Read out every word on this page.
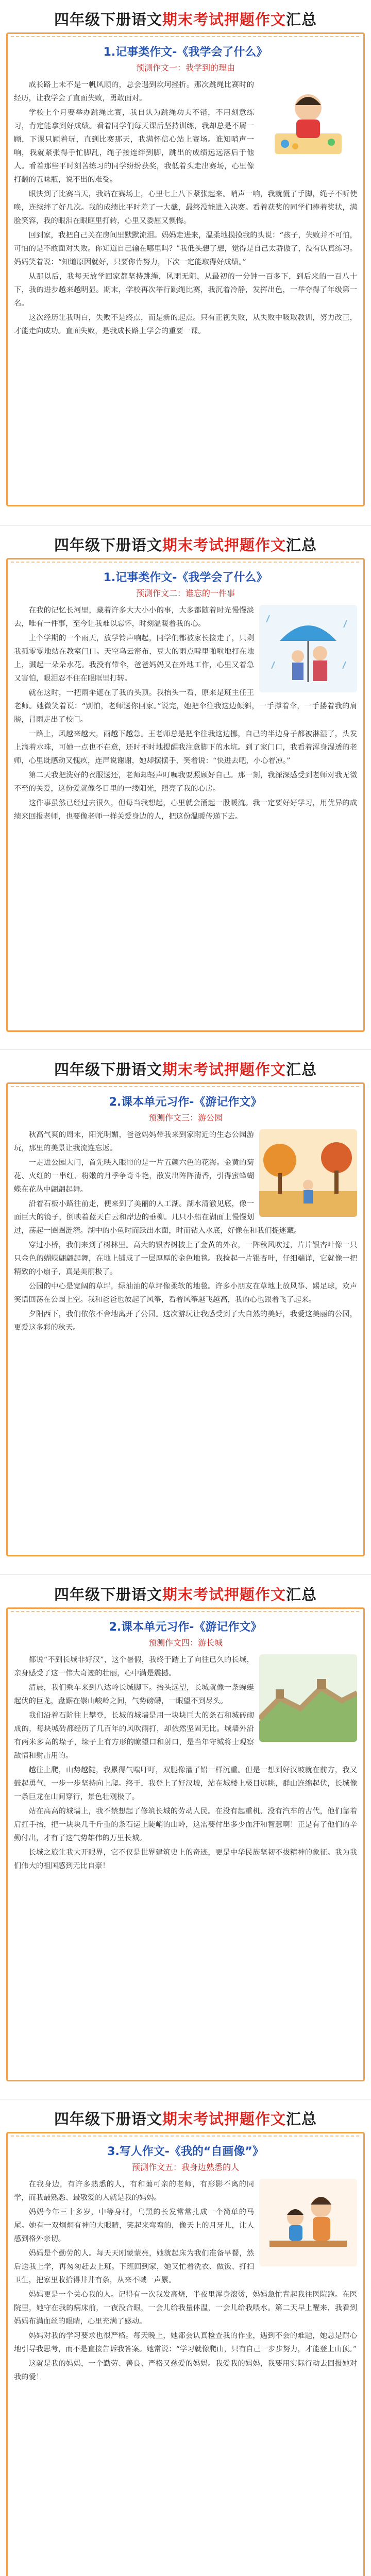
四年级下册语文期末考试押题作文汇总
1.记事类作文-《我学会了什么》
预测作文一：我学到的理由

成长路上未不是一帆风顺的，总会遇到坎坷挫折。那次跳绳比赛时的经历，让我学会了直面失败，勇敢面对。

学校上个月要举办跳绳比赛，我自认为跳绳功夫不错，不用刻意练习，肯定能拿到好成绩。看着同学们每天课后坚持训练，我却总是不屑一顾，下课只顾着玩，直到比赛那天，我满怀信心站上赛场。谁知哨声一响，我就紧张得手忙脚乱，绳子接连绊到脚，跳出的成绩远远落后于他人。看着那些平时刻苦练习的同学纷纷获奖，我低着头走出赛场，心里像打翻的五味瓶，说不出的难受。

眼快到了比赛当天，我站在赛场上，心里七上八下紧张起来。哨声一响，我就慌了手脚，绳子不听使唤，连续绊了好几次。我的成绩比平时差了一大截，最终没能进入决赛。看着获奖的同学们捧着奖状，满脸笑容，我的眼泪在眼眶里打转，心里又委屈又懊悔。

回到家，我把自己关在房间里默默流泪。妈妈走进来，温柔地摸摸我的头说：“孩子，失败并不可怕，可怕的是不敢面对失败。你知道自己输在哪里吗？”我低头想了想，觉得是自己太骄傲了，没有认真练习。妈妈笑着说：“知道原因就好，只要你肯努力，下次一定能取得好成绩。”

从那以后，我每天放学回家都坚持跳绳，风雨无阻，从最初的一分钟一百多下，到后来的一百八十下，我的进步越来越明显。期末，学校再次举行跳绳比赛，我沉着冷静，发挥出色，一举夺得了年级第一名。

这次经历让我明白，失败不是终点，而是新的起点。只有正视失败，从失败中吸取教训，努力改正，才能走向成功。直面失败，是我成长路上学会的重要一课。

四年级下册语文期末考试押题作文汇总
1.记事类作文-《我学会了什么》
预测作文二：谁忘的一件事

在我的记忆长河里，藏着许多大大小小的事，大多都随着时光慢慢淡去，唯有一件事，至今让我难以忘怀，时刻温暖着我的心。

上个学期的一个雨天，放学铃声响起，同学们都被家长接走了，只剩我孤零零地站在教室门口。天空乌云密布，豆大的雨点噼里啪啦地打在地上，溅起一朵朵水花。我没有带伞，爸爸妈妈又在外地工作，心里又着急又害怕，眼泪忍不住在眼眶里打转。

就在这时，一把雨伞遮在了我的头顶。我抬头一看，原来是班主任王老师。她微笑着说：“别怕，老师送你回家。”说完，她把伞往我这边倾斜，一手撑着伞，一手搂着我的肩膀，冒雨走出了校门。

一路上，风越来越大，雨越下越急。王老师总是把伞往我这边挪，自己的半边身子都被淋湿了，头发上滴着水珠，可她一点也不在意，还时不时地提醒我注意脚下的水坑。到了家门口，我看着浑身湿透的老师，心里既感动又愧疚，连声说谢谢，她却摆摆手，笑着说：“快进去吧，小心着凉。”

第二天我把洗好的衣服送还，老师却轻声叮嘱我要照顾好自己。那一刻，我深深感受到老师对我无微不至的关爱，这份爱就像冬日里的一缕阳光，照亮了我的心房。

这件事虽然已经过去很久，但每当我想起，心里就会涌起一股暖流。我一定要好好学习，用优异的成绩来回报老师，也要像老师一样关爱身边的人，把这份温暖传递下去。

四年级下册语文期末考试押题作文汇总
2.课本单元习作-《游记作文》
预测作文三：游公园

秋高气爽的周末，阳光明媚，爸爸妈妈带我来到家附近的生态公园游玩，那里的美景让我流连忘返。

一走进公园大门，首先映入眼帘的是一片五颜六色的花海。金黄的菊花、火红的一串红、粉嫩的月季争奇斗艳，散发出阵阵清香，引得蜜蜂蝴蝶在花丛中翩翩起舞。

沿着石板小路往前走，便来到了美丽的人工湖。湖水清澈见底，像一面巨大的镜子，倒映着蓝天白云和岸边的垂柳。几只小船在湖面上慢慢划过，荡起一圈圈涟漪。湖中的小鱼时而跃出水面，时而钻入水底，好像在和我们捉迷藏。

穿过小桥，我们来到了树林里。高大的银杏树披上了金黄的外衣，一阵秋风吹过，片片银杏叶像一只只金色的蝴蝶翩翩起舞，在地上铺成了一层厚厚的金色地毯。我捡起一片银杏叶，仔细端详，它就像一把精致的小扇子，真是美丽极了。

公园的中心是宽阔的草坪，绿油油的草坪像柔软的地毯。许多小朋友在草地上放风筝、踢足球，欢声笑语回荡在公园上空。我和爸爸也放起了风筝，看着风筝越飞越高，我的心也跟着飞了起来。

夕阳西下，我们依依不舍地离开了公园。这次游玩让我感受到了大自然的美好，我爱这美丽的公园，更爱这多彩的秋天。

四年级下册语文期末考试押题作文汇总
2.课本单元习作-《游记作文》
预测作文四：游长城

都说“不到长城非好汉”，这个暑假，我终于踏上了向往已久的长城，亲身感受了这一伟大奇迹的壮丽，心中满是震撼。

清晨，我们乘车来到八达岭长城脚下。抬头远望，长城就像一条蜿蜒起伏的巨龙，盘踞在崇山峻岭之间，气势磅礴，一眼望不到尽头。

我们沿着石阶往上攀登，长城的城墙是用一块块巨大的条石和城砖砌成的，每块城砖都经历了几百年的风吹雨打，却依然坚固无比。城墙外沿有两米多高的垛子，垛子上有方形的瞭望口和射口，是当年守城将士观察敌情和射击用的。

越往上爬，山势越陡，我累得气喘吁吁，双腿像灌了铅一样沉重。但是一想到好汉坡就在前方，我又鼓起勇气，一步一步坚持向上爬。终于，我登上了好汉坡，站在城楼上极目远眺，群山连绵起伏，长城像一条巨龙在山间穿行，景色壮观极了。

站在高高的城墙上，我不禁想起了修筑长城的劳动人民。在没有起重机、没有汽车的古代，他们靠着肩扛手抬，把一块块几千斤重的条石运上陡峭的山岭，这需要付出多少血汗和智慧啊！正是有了他们的辛勤付出，才有了这气势雄伟的万里长城。

长城之旅让我大开眼界，它不仅是世界建筑史上的奇迹，更是中华民族坚韧不拔精神的象征。我为我们伟大的祖国感到无比自豪！

四年级下册语文期末考试押题作文汇总
3.写人作文-《我的“自画像”》
预测作文五：我身边熟悉的人

在我身边，有许多熟悉的人，有和蔼可亲的老师，有形影不离的同学，而我最熟悉、最敬爱的人就是我的妈妈。

妈妈今年三十多岁，中等身材，乌黑的长发常常扎成一个简单的马尾。她有一双炯炯有神的大眼睛，笑起来弯弯的，像天上的月牙儿，让人感到格外亲切。

妈妈是个勤劳的人。每天天刚蒙蒙亮，她就起床为我们准备早餐，然后送我上学，再匆匆赶去上班。下班回到家，她又忙着洗衣、做饭、打扫卫生，把家里收拾得井井有条，从来不喊一声累。

妈妈更是一个关心我的人。记得有一次我发高烧，半夜里浑身滚烫，妈妈急忙背起我往医院跑。在医院里，她守在我的病床前，一夜没合眼，一会儿给我量体温，一会儿给我喂水。第二天早上醒来，我看到妈妈布满血丝的眼睛，心里充满了感动。

妈妈对我的学习要求也很严格。每天晚上，她都会认真检查我的作业，遇到不会的难题，她总是耐心地引导我思考，而不是直接告诉我答案。她常说：“学习就像爬山，只有自己一步步努力，才能登上山顶。”

这就是我的妈妈，一个勤劳、善良、严格又慈爱的妈妈。我爱我的妈妈，我要用实际行动去回报她对我的爱！
